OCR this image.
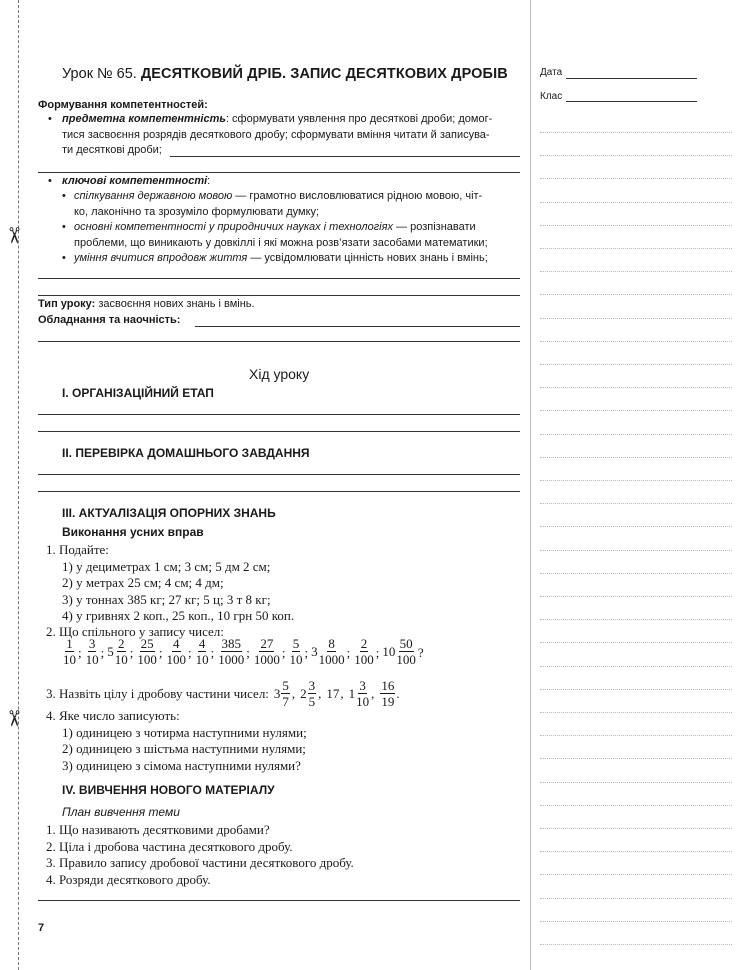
✂
✂
Урок № 65. ДЕСЯТКОВИЙ ДРІБ. ЗАПИС ДЕСЯТКОВИХ ДРОБІВ	Дата
Клас
Формування компетентностей:
• предметна компетентність: сформувати уявлення про десяткові дроби; домог-
тися засвоєння розрядів десяткового дробу; сформувати вміння читати й записува-
ти десяткові дроби;
• ключові компетентності:
• спілкування державною мовою — грамотно висловлюватися рідною мовою, чіт-
ко, лаконічно та зрозуміло формулювати думку;
• основні компетентності у природничих науках і технологіях — розпізнавати
проблеми, що виникають у довкіллі і які можна розв’язати засобами математики;
• уміння вчитися впродовж життя — усвідомлювати цінність нових знань і вмінь;
Тип уроку: засвоєння нових знань і вмінь.
Обладнання та наочність:
Хід уроку
I. ОРГАНІЗАЦІЙНИЙ ЕТАП
II. ПЕРЕВІРКА ДОМАШНЬОГО ЗАВДАННЯ
III. АКТУАЛІЗАЦІЯ ОПОРНИХ ЗНАНЬ
Виконання усних вправ
1. Подайте:
1) у дециметрах 1 см; 3 см; 5 дм 2 см;
2) у метрах 25 см; 4 см; 4 дм;
3) у тоннах 385 кг; 27 кг; 5 ц; 3 т 8 кг;
4) у гривнях 2 коп., 25 коп., 10 грн 50 коп.
2. Що спільного у запису чисел:
$\frac{1}{10}$ ; $\frac{3}{10}$ ; $5 \frac{2}{10}$ ; $\frac{25}{100}$ ; $\frac{4}{100}$ ; $\frac{4}{10}$ ; $\frac{385}{1000}$ ; $\frac{27}{1000}$ ; $\frac{5}{10}$ ; $3 \frac{8}{1000}$ ; $\frac{2}{100}$ ; $10 \frac{50}{100}$ ?
3. Назвіть цілу і дробову частини чисел: $3 \frac{5}{7}$ , $2 \frac{3}{5}$ , 17 , $1 \frac{3}{10}$ , $\frac{16}{19}$ .
4. Яке число записують:
1) одиницею з чотирма наступними нулями;
2) одиницею з шістьма наступними нулями;
3) одиницею з сімома наступними нулями?
IV. ВИВЧЕННЯ НОВОГО МАТЕРІАЛУ
План вивчення теми
1. Що називають десятковими дробами?
2. Ціла і дробова частина десяткового дробу.
3. Правило запису дробової частини десяткового дробу.
4. Розряди десяткового дробу.
7
